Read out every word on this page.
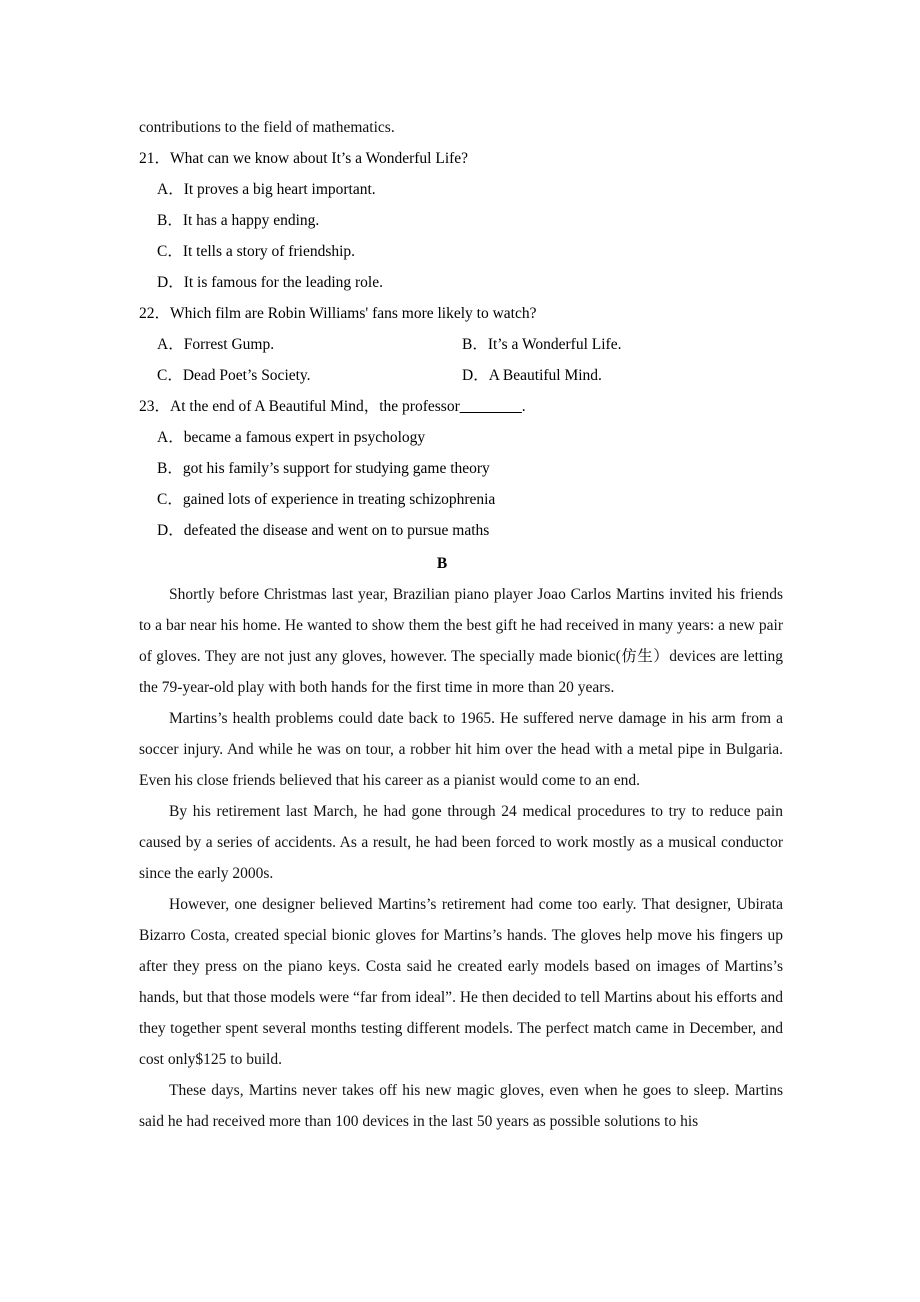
contributions to the field of mathematics.
21． What can we know about It’s a Wonderful Life?
A． It proves a big heart important.
B． It has a happy ending.
C． It tells a story of friendship.
D． It is famous for the leading role.
22． Which film are Robin Williams' fans more likely to watch?
A． Forrest Gump.	B． It’s a Wonderful Life.
C． Dead Poet’s Society.	D． A Beautiful Mind.
23． At the end of A Beautiful Mind，the professor________.
A． became a famous expert in psychology
B． got his family’s support for studying game theory
C． gained lots of experience in treating schizophrenia
D． defeated the disease and went on to pursue maths
B

Shortly before Christmas last year, Brazilian piano player Joao Carlos Martins invited his friends to a bar near his home. He wanted to show them the best gift he had received in many years: a new pair of gloves. They are not just any gloves, however. The specially made bionic(仿生）devices are letting the 79-year-old play with both hands for the first time in more than 20 years.

Martins’s health problems could date back to 1965. He suffered nerve damage in his arm from a soccer injury. And while he was on tour, a robber hit him over the head with a metal pipe in Bulgaria. Even his close friends believed that his career as a pianist would come to an end.

By his retirement last March, he had gone through 24 medical procedures to try to reduce pain caused by a series of accidents. As a result, he had been forced to work mostly as a musical conductor since the early 2000s.

However, one designer believed Martins’s retirement had come too early. That designer, Ubirata Bizarro Costa, created special bionic gloves for Martins’s hands. The gloves help move his fingers up after they press on the piano keys. Costa said he created early models based on images of Martins’s hands, but that those models were “far from ideal”. He then decided to tell Martins about his efforts and they together spent several months testing different models. The perfect match came in December, and cost only$125 to build.

These days, Martins never takes off his new magic gloves, even when he goes to sleep. Martins said he had received more than 100 devices in the last 50 years as possible solutions to his
